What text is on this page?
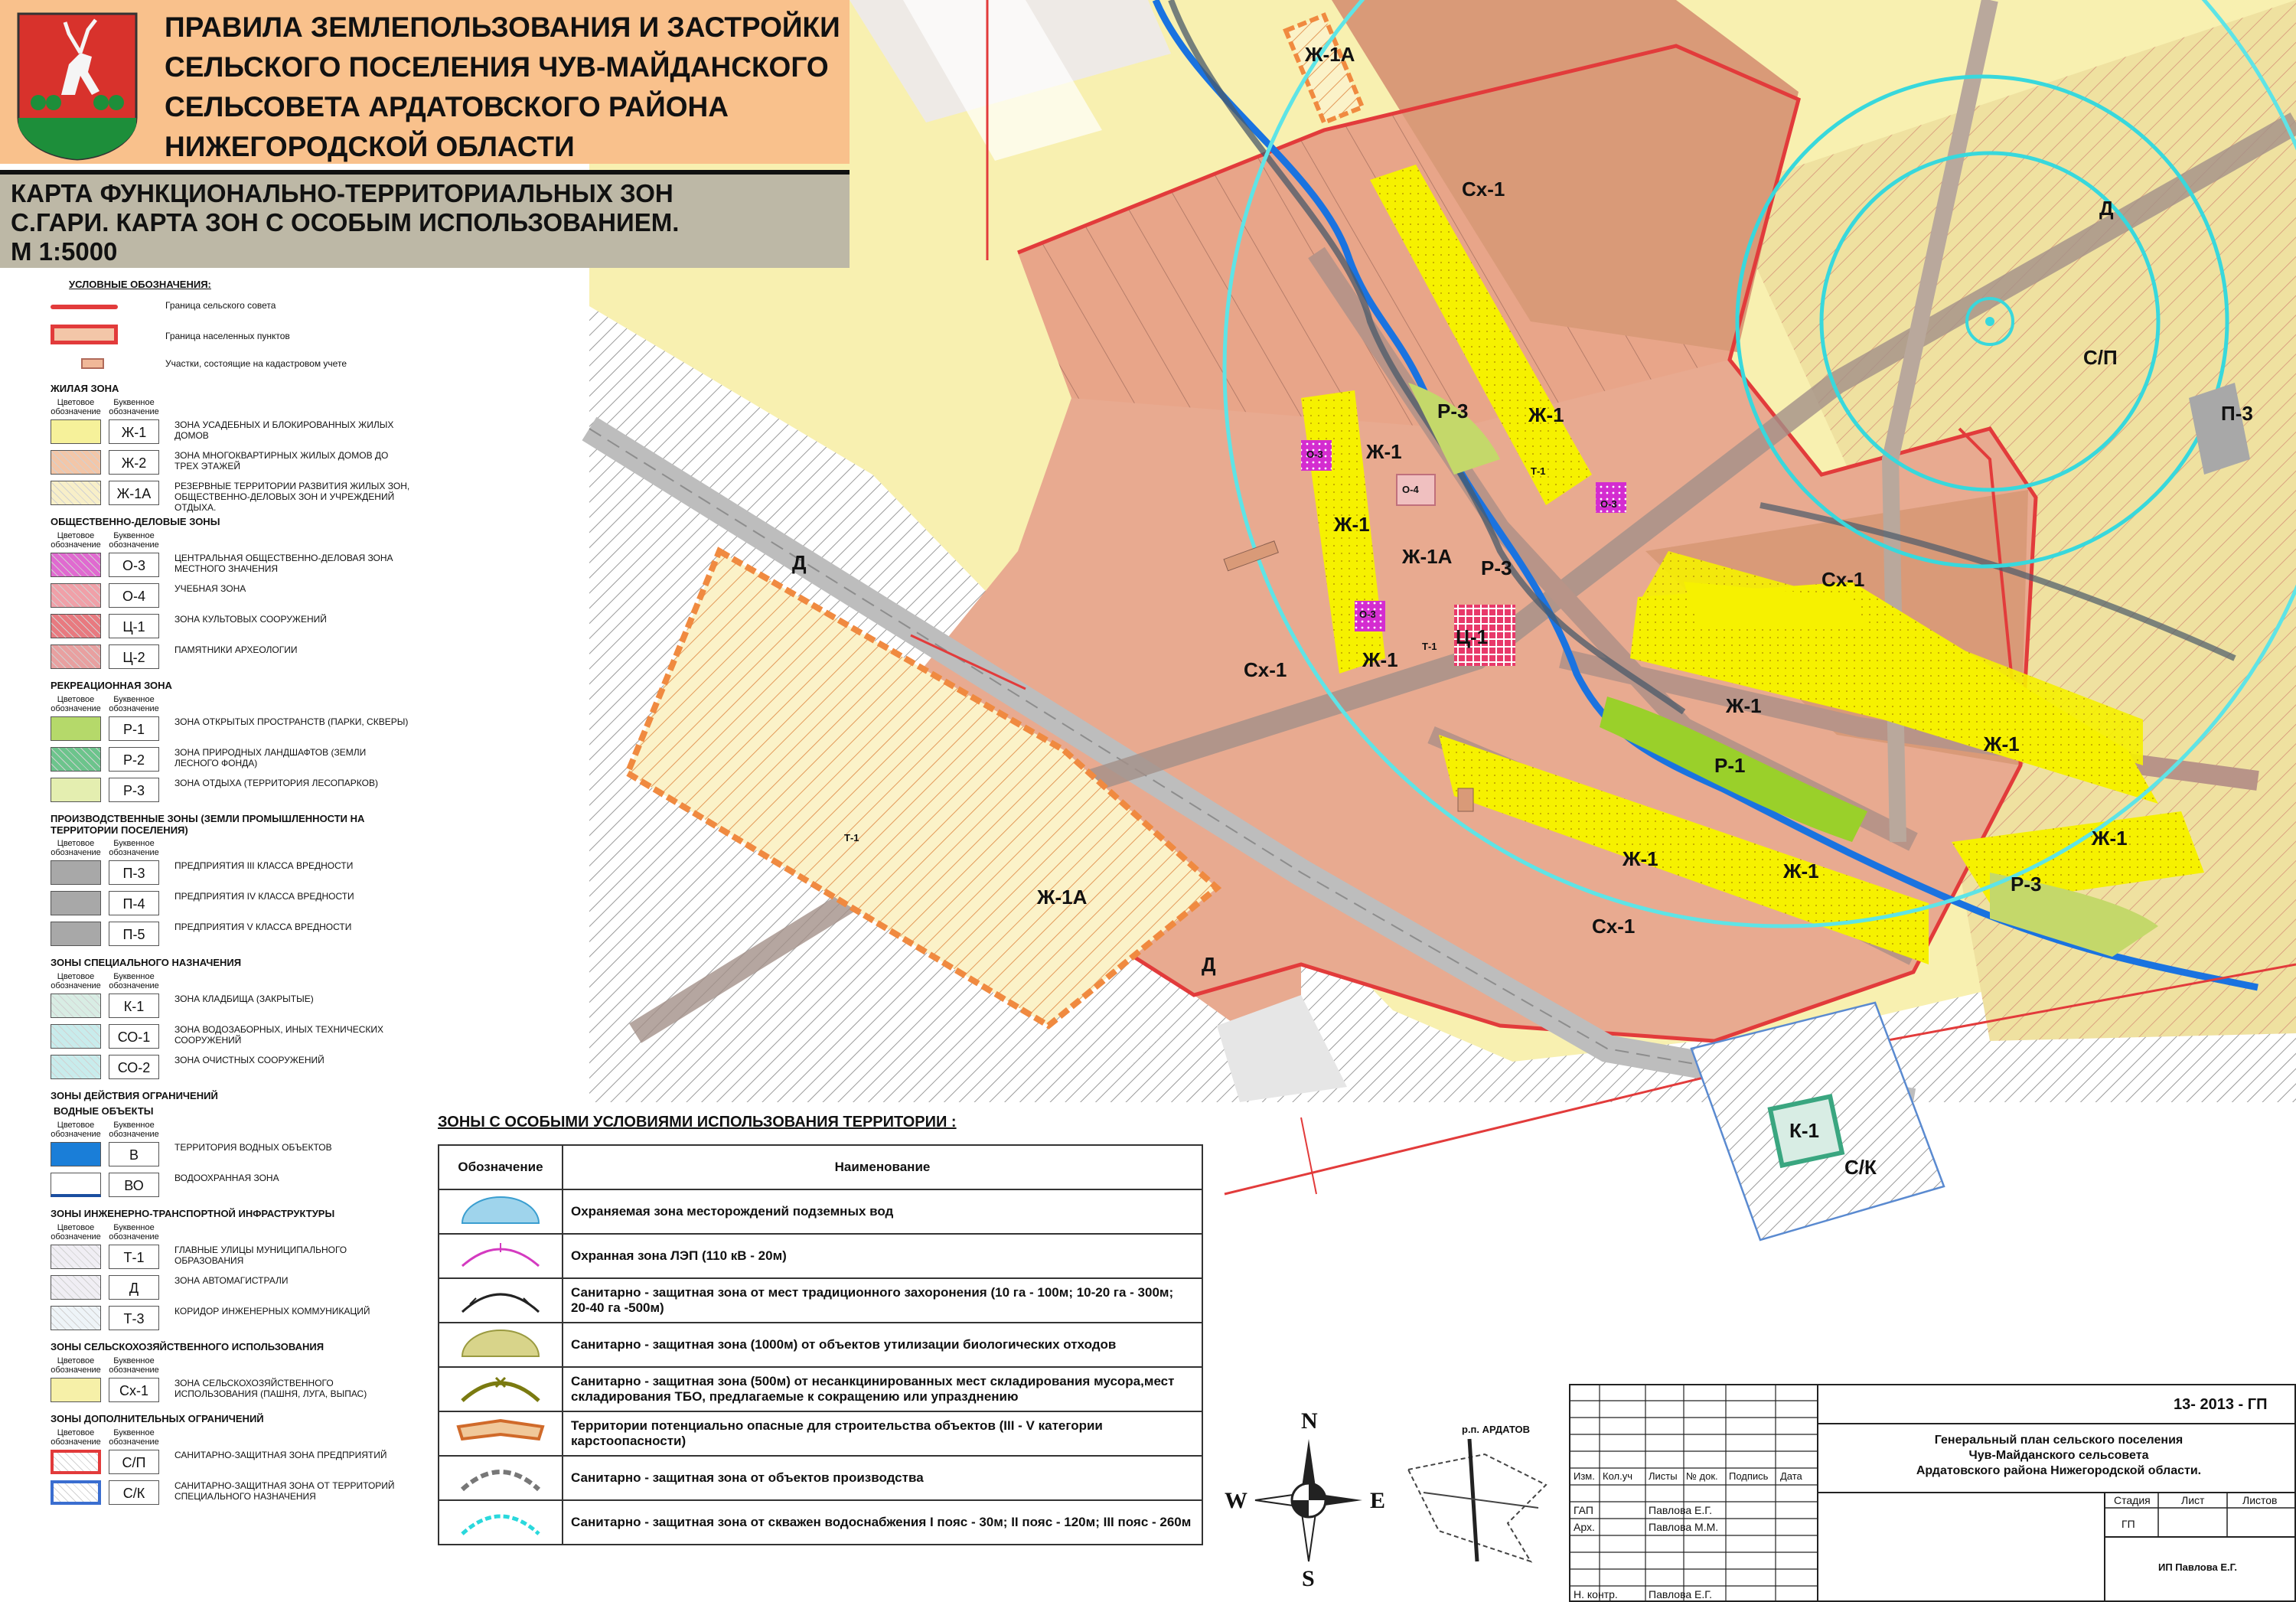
ПРАВИЛА ЗЕМЛЕПОЛЬЗОВАНИЯ И ЗАСТРОЙКИ
СЕЛЬСКОГО ПОСЕЛЕНИЯ ЧУВ-МАЙДАНСКОГО
СЕЛЬСОВЕТА АРДАТОВСКОГО РАЙОНА
НИЖЕГОРОДСКОЙ ОБЛАСТИ
КАРТА ФУНКЦИОНАЛЬНО-ТЕРРИТОРИАЛЬНЫХ ЗОН
С.ГАРИ. КАРТА ЗОН С ОСОБЫМ ИСПОЛЬЗОВАНИЕМ.
М 1:5000
УСЛОВНЫЕ ОБОЗНАЧЕНИЯ:
Граница сельского совета
Граница населенных пунктов
Участки, состоящие на кадастровом учете
ЖИЛАЯ ЗОНА
Цветовое обозначение
Буквенное обозначение
Ж-1	ЗОНА УСАДЕБНЫХ И БЛОКИРОВАННЫХ ЖИЛЫХ ДОМОВ
Ж-2	ЗОНА МНОГОКВАРТИРНЫХ ЖИЛЫХ ДОМОВ ДО ТРЕХ ЭТАЖЕЙ
Ж-1А	РЕЗЕРВНЫЕ ТЕРРИТОРИИ РАЗВИТИЯ ЖИЛЫХ ЗОН, ОБЩЕСТВЕННО-ДЕЛОВЫХ ЗОН И УЧРЕЖДЕНИЙ ОТДЫХА.
ОБЩЕСТВЕННО-ДЕЛОВЫЕ ЗОНЫ
Цветовое обозначение
Буквенное обозначение
О-3	ЦЕНТРАЛЬНАЯ ОБЩЕСТВЕННО-ДЕЛОВАЯ ЗОНА МЕСТНОГО ЗНАЧЕНИЯ
О-4	УЧЕБНАЯ ЗОНА
Ц-1	ЗОНА КУЛЬТОВЫХ СООРУЖЕНИЙ
Ц-2	ПАМЯТНИКИ АРХЕОЛОГИИ
РЕКРЕАЦИОННАЯ ЗОНА
Цветовое обозначение
Буквенное обозначение
Р-1	ЗОНА ОТКРЫТЫХ ПРОСТРАНСТВ (ПАРКИ, СКВЕРЫ)
Р-2	ЗОНА ПРИРОДНЫХ ЛАНДШАФТОВ (ЗЕМЛИ ЛЕСНОГО ФОНДА)
Р-3	ЗОНА ОТДЫХА (ТЕРРИТОРИЯ ЛЕСОПАРКОВ)
ПРОИЗВОДСТВЕННЫЕ ЗОНЫ (ЗЕМЛИ ПРОМЫШЛЕННОСТИ НА ТЕРРИТОРИИ ПОСЕЛЕНИЯ)
Цветовое обозначение
Буквенное обозначение
П-3	ПРЕДПРИЯТИЯ III КЛАССА ВРЕДНОСТИ
П-4	ПРЕДПРИЯТИЯ IV КЛАССА ВРЕДНОСТИ
П-5	ПРЕДПРИЯТИЯ V КЛАССА ВРЕДНОСТИ
ЗОНЫ СПЕЦИАЛЬНОГО НАЗНАЧЕНИЯ
Цветовое обозначение
Буквенное обозначение
К-1	ЗОНА КЛАДБИЩА (ЗАКРЫТЫЕ)
СО-1	ЗОНА ВОДОЗАБОРНЫХ, ИНЫХ ТЕХНИЧЕСКИХ СООРУЖЕНИЙ
СО-2	ЗОНА ОЧИСТНЫХ СООРУЖЕНИЙ
ЗОНЫ ДЕЙСТВИЯ ОГРАНИЧЕНИЙ
ВОДНЫЕ ОБЪЕКТЫ
Цветовое обозначение
Буквенное обозначение
В	ТЕРРИТОРИЯ ВОДНЫХ ОБЪЕКТОВ
ВО	ВОДООХРАННАЯ ЗОНА
ЗОНЫ ИНЖЕНЕРНО-ТРАНСПОРТНОЙ ИНФРАСТРУКТУРЫ
Цветовое обозначение
Буквенное обозначение
Т-1	ГЛАВНЫЕ УЛИЦЫ МУНИЦИПАЛЬНОГО ОБРАЗОВАНИЯ
Д	ЗОНА АВТОМАГИСТРАЛИ
Т-3	КОРИДОР ИНЖЕНЕРНЫХ КОММУНИКАЦИЙ
ЗОНЫ СЕЛЬСКОХОЗЯЙСТВЕННОГО ИСПОЛЬЗОВАНИЯ
Цветовое обозначение
Буквенное обозначение
Сх-1	ЗОНА СЕЛЬСКОХОЗЯЙСТВЕННОГО ИСПОЛЬЗОВАНИЯ (ПАШНЯ, ЛУГА, ВЫПАС)
ЗОНЫ ДОПОЛНИТЕЛЬНЫХ ОГРАНИЧЕНИЙ
Цветовое обозначение
Буквенное обозначение
С/П	САНИТАРНО-ЗАЩИТНАЯ ЗОНА ПРЕДПРИЯТИЙ
С/К	САНИТАРНО-ЗАЩИТНАЯ ЗОНА ОТ ТЕРРИТОРИЙ СПЕЦИАЛЬНОГО НАЗНАЧЕНИЯ
ЗОНЫ С ОСОБЫМИ УСЛОВИЯМИ ИСПОЛЬЗОВАНИЯ ТЕРРИТОРИИ :
Обозначение	Наименование
	Охраняемая зона месторождений подземных вод
	Охранная зона ЛЭП (110 кВ - 20м)
	Санитарно - защитная зона от мест традиционного захоронения (10 га - 100м; 10-20 га - 300м; 20-40 га -500м)
	Санитарно - защитная зона (1000м) от объектов утилизации биологических отходов
	Санитарно - защитная зона (500м) от несанкцинированных мест складирования мусора,мест складирования ТБО, предлагаемые к сокращению или упразднению
	Территории потенциально опасные для строительства объектов (III - V категории карстоопасности)
	Санитарно - защитная зона от объектов производства
	Санитарно - защитная зона от скважен водоснабжения I пояс - 30м; II пояс - 120м; III пояс - 260м
N
S
W	E
р.п. АРДАТОВ
Изм. Кол.уч Листы № док. Подпись Дата
ГАП	Павлова Е.Г.
Арх.	Павлова М.М.
Н. контр.	Павлова Е.Г.
13- 2013 - ГП
Генеральный план сельского поселения
Чув-Майданского сельсовета
Ардатовского района Нижегородской области.
Стадия	Лист	Листов
ГП
ИП Павлова Е.Г.
Ж-1А
Ж-1А
Ж-1А
Сх-1
Сх-1
Сх-1
Сх-1
Ж-1
Ж-1
Ж-1
Ж-1
Ж-1
Ж-1
Ж-1
Ж-1
Ж-1
Р-3
Р-3
Р-3
Р-1
Ц-1
Д
Д
Д
С/П
С/К
К-1
П-3
О-3
О-3
О-3
О-4
Т-1
Т-1
Т-1
